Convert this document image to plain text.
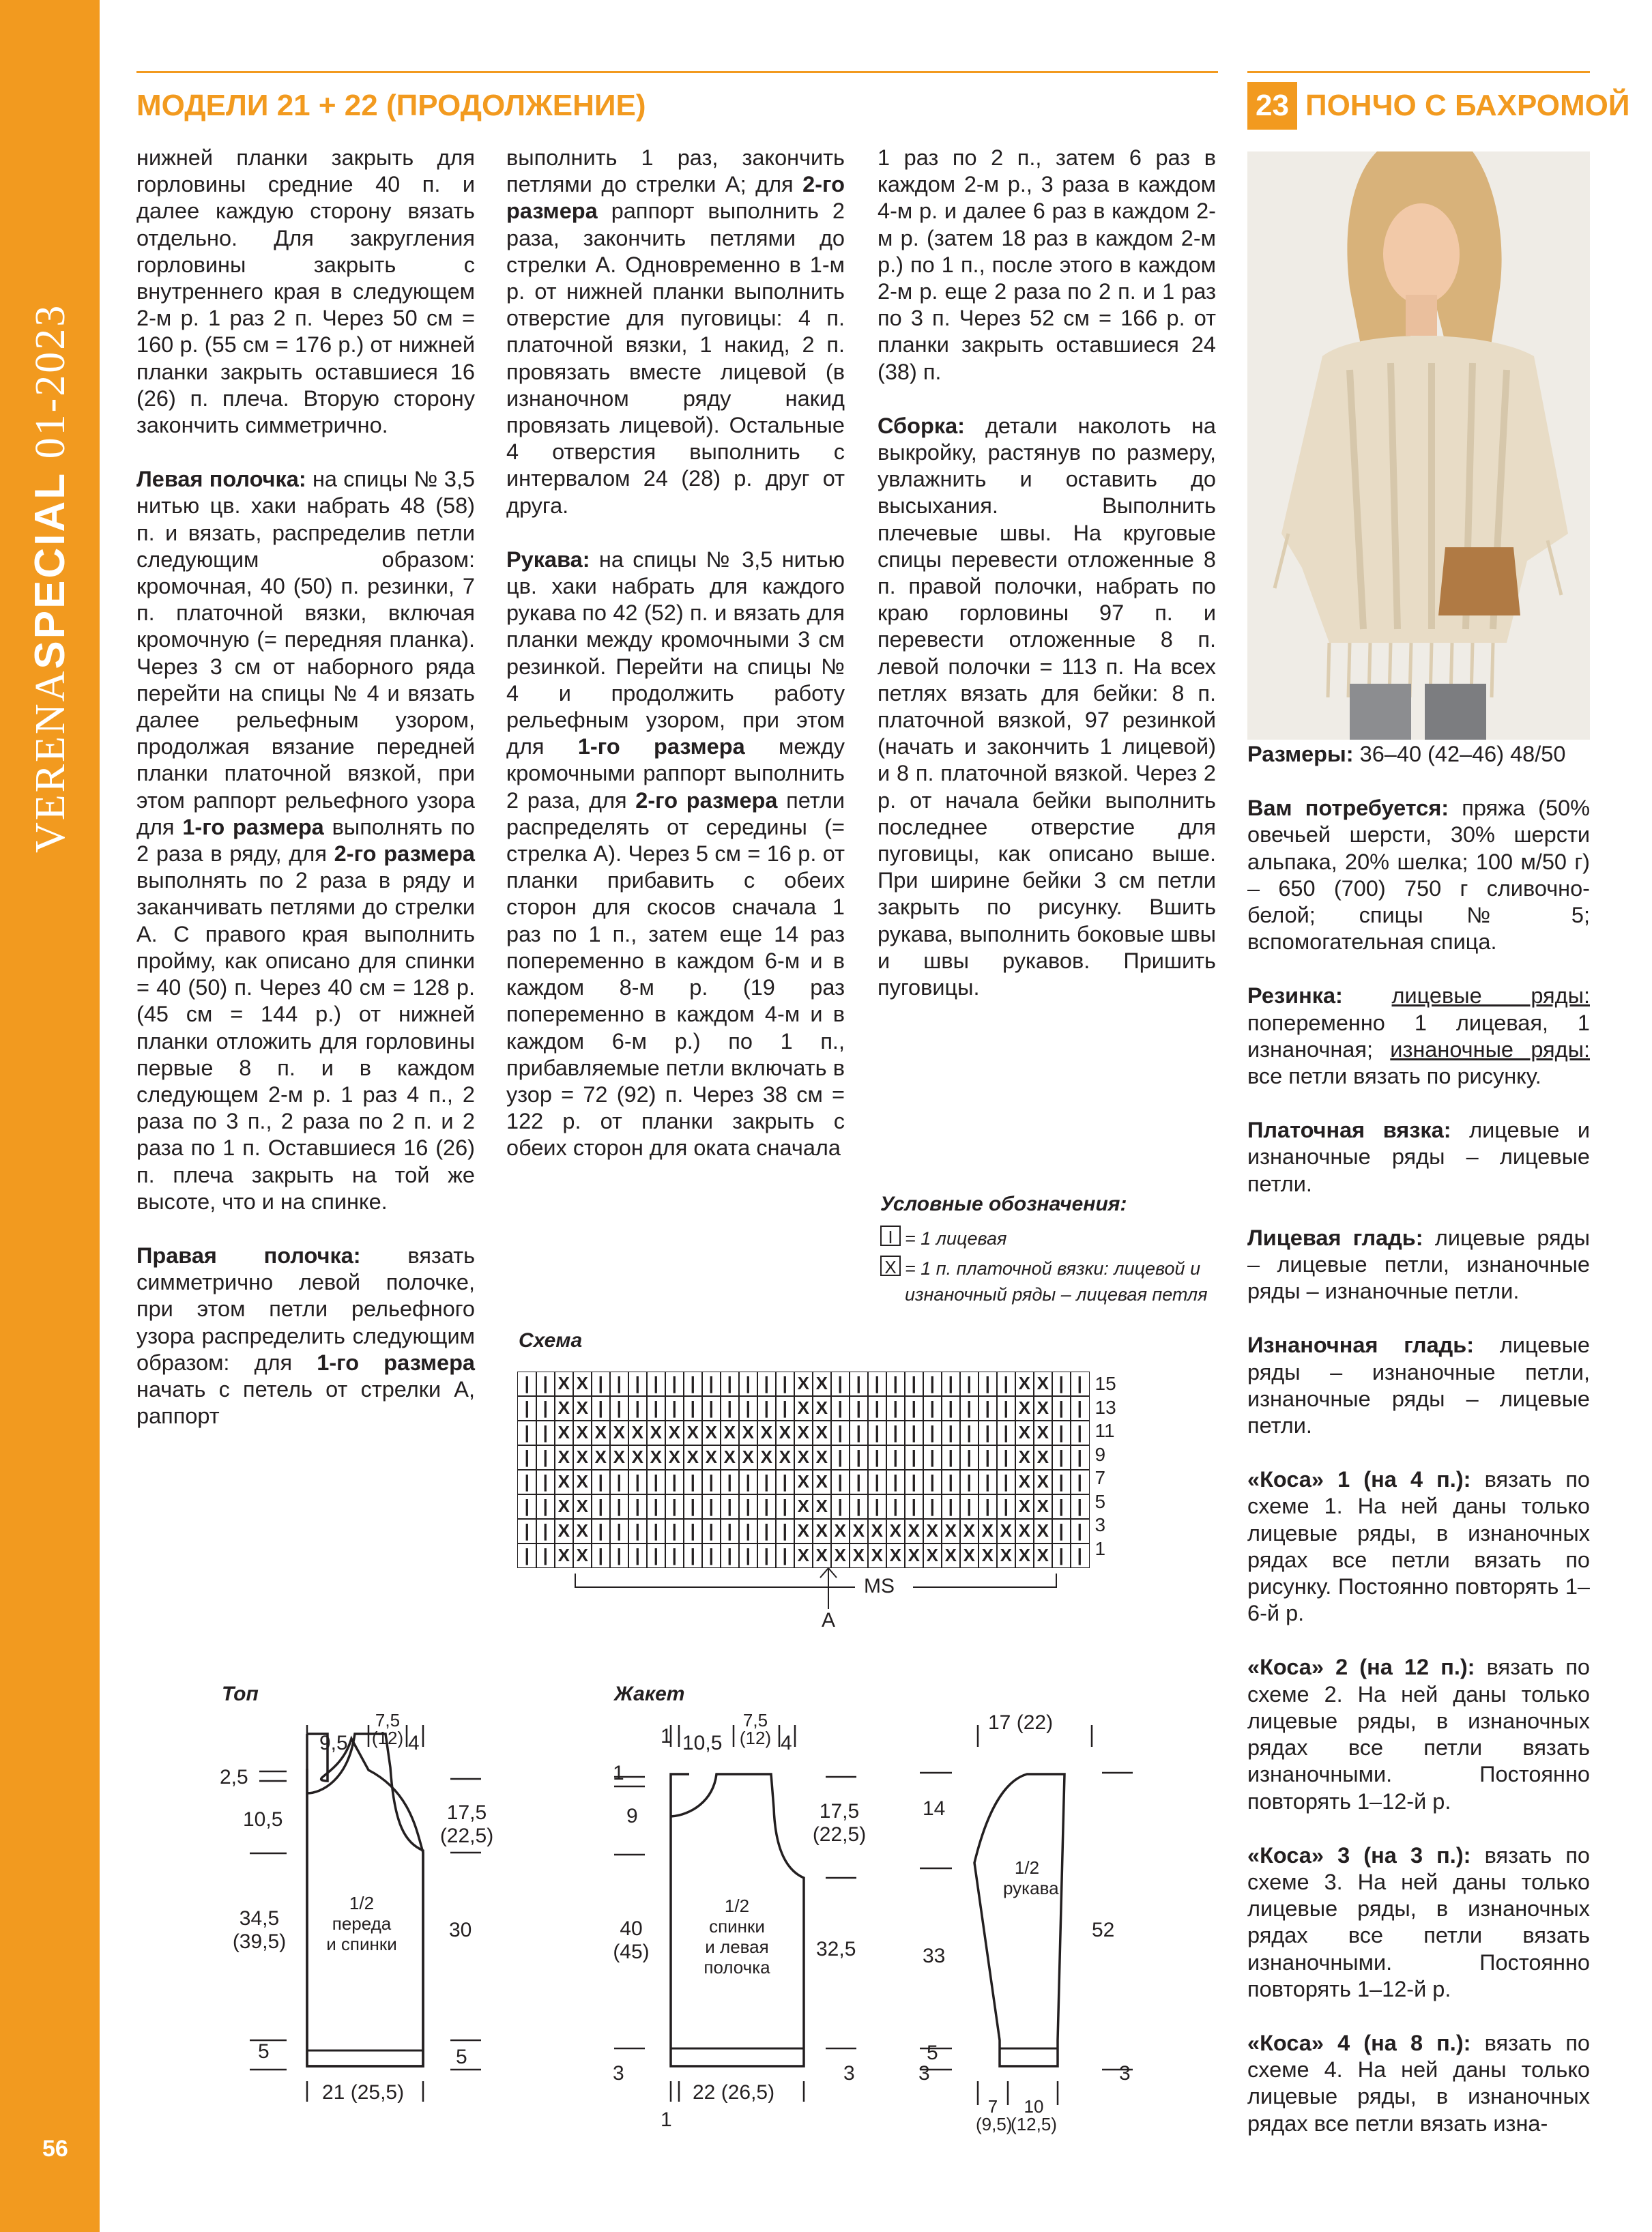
VERENASPECIAL 01-2023
56
МОДЕЛИ 21 + 22 (ПРОДОЛЖЕНИЕ)	23 ПОНЧО С БАХРОМОЙ

нижней планки закрыть для горловины средние 40 п. и далее каждую сторону вязать отдельно. Для закругления горловины закрыть с внутреннего края в следующем 2-м р. 1 раз 2 п. Через 50 см = 160 р. (55 см = 176 р.) от нижней планки закрыть оставшиеся 16 (26) п. плеча. Вторую сторону закончить симметрично.

Левая полочка: на спицы № 3,5 нитью цв. хаки набрать 48 (58) п. и вязать, распределив петли следующим образом: кромочная, 40 (50) п. резинки, 7 п. платочной вязки, включая кромочную (= передняя планка). Через 3 см от наборного ряда перейти на спицы № 4 и вязать далее рельефным узором, продолжая вязание передней планки платочной вязкой, при этом раппорт рельефного узора для 1-го размера выполнять по 2 раза в ряду, для 2-го размера выполнять по 2 раза в ряду и заканчивать петлями до стрелки А. С правого края выполнить пройму, как описано для спинки = 40 (50) п. Через 40 см = 128 р. (45 см = 144 р.) от нижней планки отложить для горловины первые 8 п. и в каждом следующем 2-м р. 1 раз 4 п., 2 раза по 3 п., 2 раза по 2 п. и 2 раза по 1 п. Оставшиеся 16 (26) п. плеча закрыть на той же высоте, что и на спинке.

Правая полочка: вязать симметрично левой полочке, при этом петли рельефного узора распределить следующим образом: для 1-го размера начать с петель от стрелки А, раппорт

выполнить 1 раз, закончить петлями до стрелки А; для 2-го размера раппорт выполнить 2 раза, закончить петлями до стрелки А. Одновременно в 1-м р. от нижней планки выполнить отверстие для пуговицы: 4 п. платочной вязки, 1 накид, 2 п. провязать вместе лицевой (в изнаночном ряду накид провязать лицевой). Остальные 4 отверстия выполнить с интервалом 24 (28) р. друг от друга.

Рукава: на спицы № 3,5 нитью цв. хаки набрать для каждого рукава по 42 (52) п. и вязать для планки между кромочными 3 см резинкой. Перейти на спицы № 4 и продолжить работу рельефным узором, при этом для 1-го размера между кромочными раппорт выполнить 2 раза, для 2-го размера петли распределять от середины (= стрелка А). Через 5 см = 16 р. от планки прибавить с обеих сторон для скосов сначала 1 раз по 1 п., затем еще 14 раз попеременно в каждом 6-м и в каждом 8-м р. (19 раз попеременно в каждом 4-м и в каждом 6-м р.) по 1 п., прибавляемые петли включать в узор = 72 (92) п. Через 38 см = 122 р. от планки закрыть с обеих сторон для оката сначала

1 раз по 2 п., затем 6 раз в каждом 2-м р., 3 раза в каждом 4-м р. и далее 6 раз в каждом 2-м р. (затем 18 раз в каждом 2-м р.) по 1 п., после этого в каждом 2-м р. еще 2 раза по 2 п. и 1 раз по 3 п. Через 52 см = 166 р. от планки закрыть оставшиеся 24 (38) п.

Сборка: детали наколоть на выкройку, растянув по размеру, увлажнить и оставить до высыхания. Выполнить плечевые швы. На круговые спицы перевести отложенные 8 п. правой полочки, набрать по краю горловины 97 п. и перевести отложенные 8 п. левой полочки = 113 п. На всех петлях вязать для бейки: 8 п. платочной вязкой, 97 резинкой (начать и закончить 1 лицевой) и 8 п. платочной вязкой. Через 2 р. от начала бейки выполнить последнее отверстие для пуговицы, как описано выше. При ширине бейки 3 см петли закрыть по рисунку. Вшить рукава, выполнить боковые швы и швы рукавов. Пришить пуговицы.

Условные обозначения:
I = 1 лицевая
X = 1 п. платочной вязки: лицевой и изнаночный ряды – лицевая петля
Схема
| | X X | | | | | | | | | | | X X | | | | | | | | | | X X | |
| | X X | | | | | | | | | | | X X | | | | | | | | | | X X | |
| | X X X X X X X X X X X X X X X | | | | | | | | | | X X | |
| | X X X X X X X X X X X X X X X | | | | | | | | | | X X | |
| | X X | | | | | | | | | | | X X | | | | | | | | | | X X | |
| | X X | | | | | | | | | | | X X | | | | | | | | | | X X | |
| | X X | | | | | | | | | | | X X X X X X X X X X X X X X | |
| | X X | | | | | | | | | | | X X X X X X X X X X X X X X | |
15
13
11
9
7
5
3
1
A
MS
Топ	Жакет
9,5
7,5
(12) 4
2,5
10,5	17,5
(22,5)
34,5
(39,5)
30
1/2
переда
и спинки
5	5
21 (25,5)
1 10,5
7,5
(12) 4
1
9	17,5
(22,5)
40
(45)	32,5
1/2
спинки
и левая
полочка
3	3
1
22 (26,5)
17 (22)
14
52
33
1/2
рукава
5
3	3
7
(9,5)
10
(12,5)

Размеры: 36–40 (42–46) 48/50

Вам потребуется: пряжа (50% овечьей шерсти, 30% шерсти альпака, 20% шелка; 100 м/50 г) – 650 (700) 750 г сливочно-белой; спицы № 5; вспомогательная спица.

Резинка: лицевые ряды: попеременно 1 лицевая, 1 изнаночная; изнаночные ряды: все петли вязать по рисунку.

Платочная вязка: лицевые и изнаночные ряды – лицевые петли.

Лицевая гладь: лицевые ряды – лицевые петли, изнаночные ряды – изнаночные петли.

Изнаночная гладь: лицевые ряды – изнаночные петли, изнаночные ряды – лицевые петли.

«Коса» 1 (на 4 п.): вязать по схеме 1. На ней даны только лицевые ряды, в изнаночных рядах все петли вязать по рисунку. Постоянно повторять 1–6-й р.

«Коса» 2 (на 12 п.): вязать по схеме 2. На ней даны только лицевые ряды, в изнаночных рядах все петли вязать изнаночными. Постоянно повторять 1–12-й р.

«Коса» 3 (на 3 п.): вязать по схеме 3. На ней даны только лицевые ряды, в изнаночных рядах все петли вязать изнаночными. Постоянно повторять 1–12-й р.

«Коса» 4 (на 8 п.): вязать по схеме 4. На ней даны только лицевые ряды, в изнаночных рядах все петли вязать изна-
